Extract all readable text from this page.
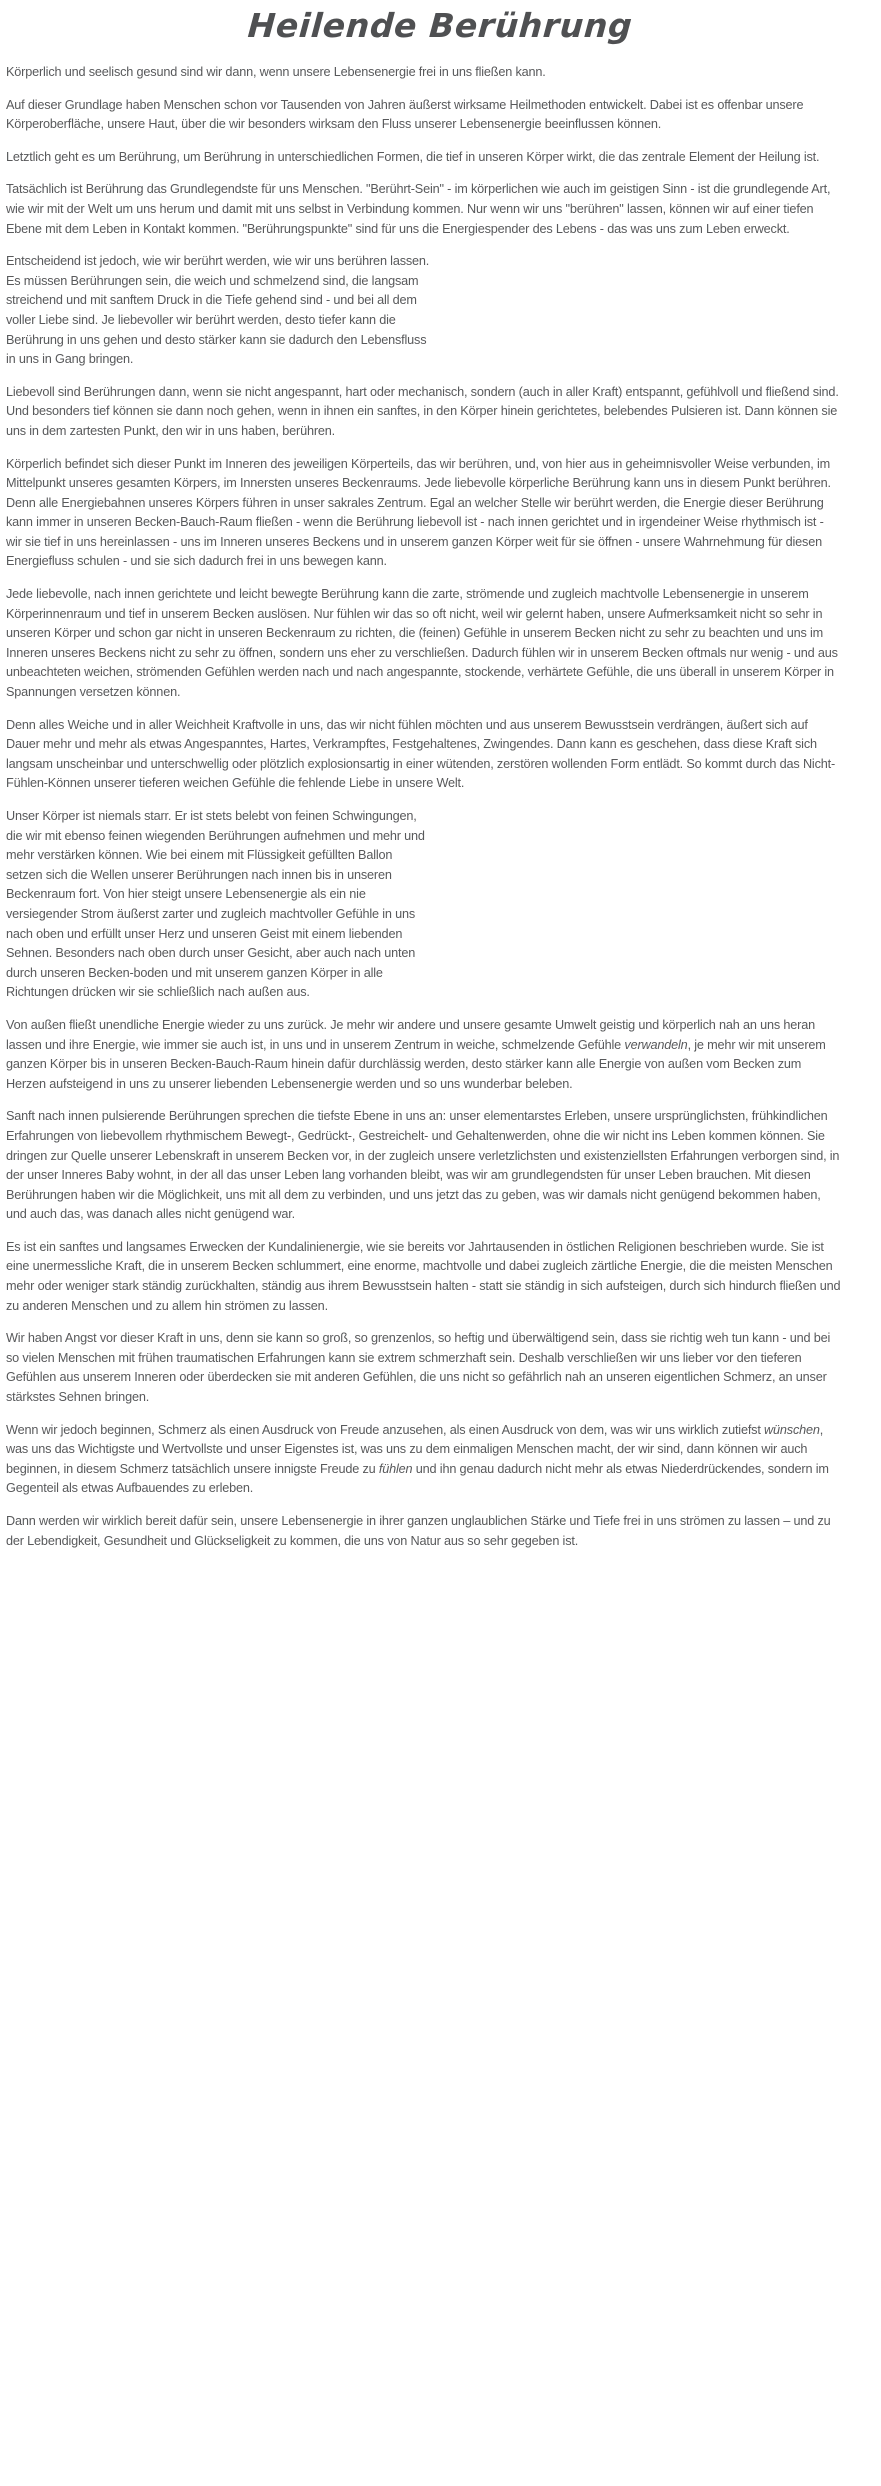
Heilende Berührung

Körperlich und seelisch gesund sind wir dann, wenn unsere Lebensenergie frei in uns fließen kann.

Auf dieser Grundlage haben Menschen schon vor Tausenden von Jahren äußerst wirksame Heilmethoden entwickelt. Dabei ist es offenbar unsere Körperoberfläche, unsere Haut, über die wir besonders wirksam den Fluss unserer Lebensenergie beeinflussen können.

Letztlich geht es um Berührung, um Berührung in unterschiedlichen Formen, die tief in unseren Körper wirkt, die das zentrale Element der Heilung ist.

Tatsächlich ist Berührung das Grundlegendste für uns Menschen. "Berührt-Sein" - im körperlichen wie auch im geistigen Sinn - ist die grundlegende Art, wie wir mit der Welt um uns herum und damit mit uns selbst in Verbindung kommen. Nur wenn wir uns "berühren" lassen, können wir auf einer tiefen Ebene mit dem Leben in Kontakt kommen. "Berührungspunkte" sind für uns die Energiespender des Lebens - das was uns zum Leben erweckt.

Entscheidend ist jedoch, wie wir berührt werden, wie wir uns berühren lassen. Es müssen Berührungen sein, die weich und schmelzend sind, die langsam streichend und mit sanftem Druck in die Tiefe gehend sind - und bei all dem voller Liebe sind. Je liebevoller wir berührt werden, desto tiefer kann die Berührung in uns gehen und desto stärker kann sie dadurch den Lebensfluss in uns in Gang bringen.

Liebevoll sind Berührungen dann, wenn sie nicht angespannt, hart oder mechanisch, sondern (auch in aller Kraft) entspannt, gefühlvoll und fließend sind. Und besonders tief können sie dann noch gehen, wenn in ihnen ein sanftes, in den Körper hinein gerichtetes, belebendes Pulsieren ist. Dann können sie uns in dem zartesten Punkt, den wir in uns haben, berühren.

Körperlich befindet sich dieser Punkt im Inneren des jeweiligen Körperteils, das wir berühren, und, von hier aus in geheimnisvoller Weise verbunden, im Mittelpunkt unseres gesamten Körpers, im Innersten unseres Beckenraums. Jede liebevolle körperliche Berührung kann uns in diesem Punkt berühren. Denn alle Energiebahnen unseres Körpers führen in unser sakrales Zentrum. Egal an welcher Stelle wir berührt werden, die Energie dieser Berührung kann immer in unseren Becken-Bauch-Raum fließen - wenn die Berührung liebevoll ist - nach innen gerichtet und in irgendeiner Weise rhythmisch ist - wir sie tief in uns hereinlassen - uns im Inneren unseres Beckens und in unserem ganzen Körper weit für sie öffnen - unsere Wahrnehmung für diesen Energiefluss schulen - und sie sich dadurch frei in uns bewegen kann.

Jede liebevolle, nach innen gerichtete und leicht bewegte Berührung kann die zarte, strömende und zugleich machtvolle Lebensenergie in unserem Körperinnenraum und tief in unserem Becken auslösen. Nur fühlen wir das so oft nicht, weil wir gelernt haben, unsere Aufmerksamkeit nicht so sehr in unseren Körper und schon gar nicht in unseren Beckenraum zu richten, die (feinen) Gefühle in unserem Becken nicht zu sehr zu beachten und uns im Inneren unseres Beckens nicht zu sehr zu öffnen, sondern uns eher zu verschließen. Dadurch fühlen wir in unserem Becken oftmals nur wenig - und aus unbeachteten weichen, strömenden Gefühlen werden nach und nach angespannte, stockende, verhärtete Gefühle, die uns überall in unserem Körper in Spannungen versetzen können.

Denn alles Weiche und in aller Weichheit Kraftvolle in uns, das wir nicht fühlen möchten und aus unserem Bewusstsein verdrängen, äußert sich auf Dauer mehr und mehr als etwas Angespanntes, Hartes, Verkrampftes, Festgehaltenes, Zwingendes. Dann kann es geschehen, dass diese Kraft sich langsam unscheinbar und unterschwellig oder plötzlich explosionsartig in einer wütenden, zerstören wollenden Form entlädt. So kommt durch das Nicht-Fühlen-Können unserer tieferen weichen Gefühle die fehlende Liebe in unsere Welt.

Unser Körper ist niemals starr. Er ist stets belebt von feinen Schwingungen, die wir mit ebenso feinen wiegenden Berührungen aufnehmen und mehr und mehr verstärken können. Wie bei einem mit Flüssigkeit gefüllten Ballon setzen sich die Wellen unserer Berührungen nach innen bis in unseren Beckenraum fort. Von hier steigt unsere Lebensenergie als ein nie versiegender Strom äußerst zarter und zugleich machtvoller Gefühle in uns nach oben und erfüllt unser Herz und unseren Geist mit einem liebenden Sehnen. Besonders nach oben durch unser Gesicht, aber auch nach unten durch unseren Becken-boden und mit unserem ganzen Körper in alle Richtungen drücken wir sie schließlich nach außen aus.

Von außen fließt unendliche Energie wieder zu uns zurück. Je mehr wir andere und unsere gesamte Umwelt geistig und körperlich nah an uns heran lassen und ihre Energie, wie immer sie auch ist, in uns und in unserem Zentrum in weiche, schmelzende Gefühle verwandeln, je mehr wir mit unserem ganzen Körper bis in unseren Becken-Bauch-Raum hinein dafür durchlässig werden, desto stärker kann alle Energie von außen vom Becken zum Herzen aufsteigend in uns zu unserer liebenden Lebensenergie werden und so uns wunderbar beleben.

Sanft nach innen pulsierende Berührungen sprechen die tiefste Ebene in uns an: unser elementarstes Erleben, unsere ursprünglichsten, frühkindlichen Erfahrungen von liebevollem rhythmischem Bewegt-, Gedrückt-, Gestreichelt- und Gehaltenwerden, ohne die wir nicht ins Leben kommen können. Sie dringen zur Quelle unserer Lebenskraft in unserem Becken vor, in der zugleich unsere verletzlichsten und existenziellsten Erfahrungen verborgen sind, in der unser Inneres Baby wohnt, in der all das unser Leben lang vorhanden bleibt, was wir am grundlegendsten für unser Leben brauchen. Mit diesen Berührungen haben wir die Möglichkeit, uns mit all dem zu verbinden, und uns jetzt das zu geben, was wir damals nicht genügend bekommen haben, und auch das, was danach alles nicht genügend war.

Es ist ein sanftes und langsames Erwecken der Kundalinienergie, wie sie bereits vor Jahrtausenden in östlichen Religionen beschrieben wurde. Sie ist eine unermessliche Kraft, die in unserem Becken schlummert, eine enorme, machtvolle und dabei zugleich zärtliche Energie, die die meisten Menschen mehr oder weniger stark ständig zurückhalten, ständig aus ihrem Bewusstsein halten - statt sie ständig in sich aufsteigen, durch sich hindurch fließen und zu anderen Menschen und zu allem hin strömen zu lassen.

Wir haben Angst vor dieser Kraft in uns, denn sie kann so groß, so grenzenlos, so heftig und überwältigend sein, dass sie richtig weh tun kann - und bei so vielen Menschen mit frühen traumatischen Erfahrungen kann sie extrem schmerzhaft sein. Deshalb verschließen wir uns lieber vor den tieferen Gefühlen aus unserem Inneren oder überdecken sie mit anderen Gefühlen, die uns nicht so gefährlich nah an unseren eigentlichen Schmerz, an unser stärkstes Sehnen bringen.

Wenn wir jedoch beginnen, Schmerz als einen Ausdruck von Freude anzusehen, als einen Ausdruck von dem, was wir uns wirklich zutiefst wünschen, was uns das Wichtigste und Wertvollste und unser Eigenstes ist, was uns zu dem einmaligen Menschen macht, der wir sind, dann können wir auch beginnen, in diesem Schmerz tatsächlich unsere innigste Freude zu fühlen und ihn genau dadurch nicht mehr als etwas Niederdrückendes, sondern im Gegenteil als etwas Aufbauendes zu erleben.

Dann werden wir wirklich bereit dafür sein, unsere Lebensenergie in ihrer ganzen unglaublichen Stärke und Tiefe frei in uns strömen zu lassen – und zu der Lebendigkeit, Gesundheit und Glückseligkeit zu kommen, die uns von Natur aus so sehr gegeben ist.
